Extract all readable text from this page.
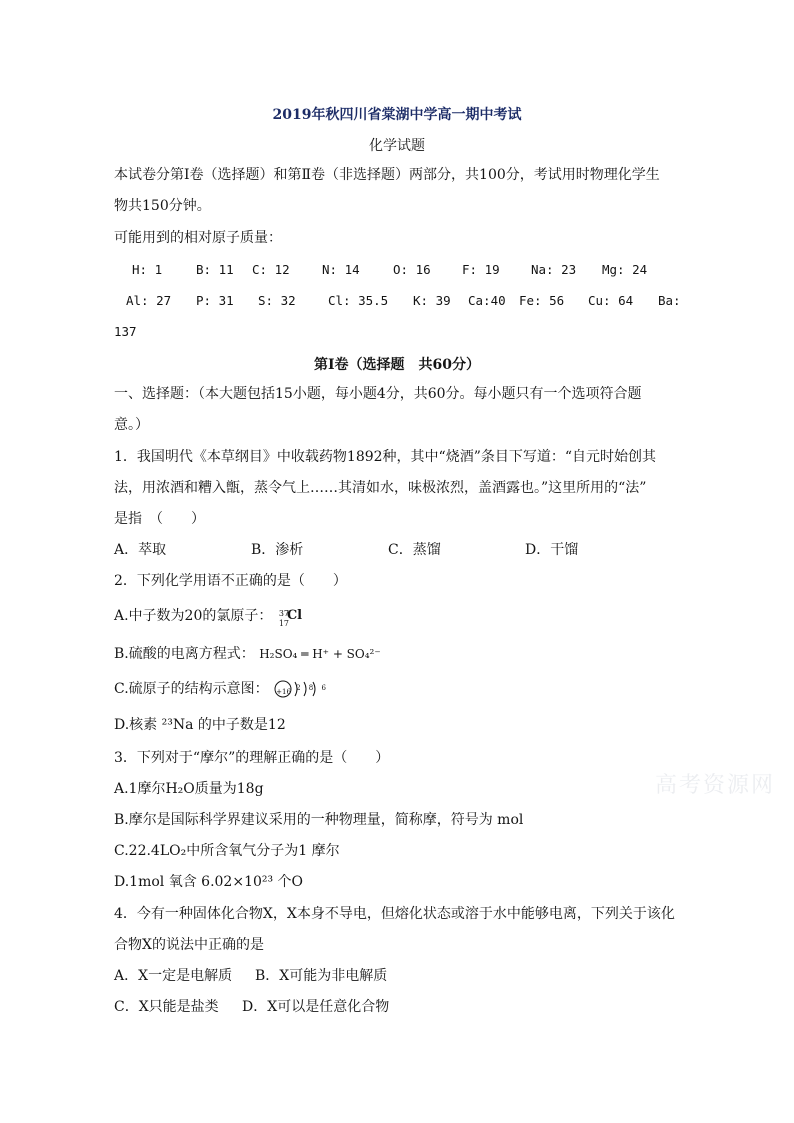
2019年秋四川省棠湖中学高一期中考试
化学试题
本试卷分第Ⅰ卷（选择题）和第Ⅱ卷（非选择题）两部分，共100分，考试用时物理化学生
物共150分钟。
可能用到的相对原子质量：
H: 1	B: 11 C: 12	N: 14	O: 16	F: 19	Na: 23 Mg: 24
Al: 27 P: 31 S: 32	Cl: 35.5 K: 39 Ca:40 Fe: 56 Cu: 64 Ba:
137
第Ⅰ卷（选择题　共60分）
一、选择题：（本大题包括15小题，每小题4分，共60分。每小题只有一个选项符合题
意。）
1．我国明代《本草纲目》中收载药物1892种，其中“烧酒”条目下写道：“自元时始创其
法，用浓酒和糟入甑，蒸令气上……其清如水，味极浓烈，盖酒露也。”这里所用的“法”
是指　（　　）
A．萃取	B．渗析	C．蒸馏	D．干馏
2．下列化学用语不正确的是（　　）
A.中子数为20的氯原子： 37
17
Cl
B.硫酸的电离方程式： H₂SO₄ ═ H⁺ + SO₄²⁻
C.硫原子的结构示意图： +16 2 8 6
D.核素 ²³Na 的中子数是12
3．下列对于“摩尔”的理解正确的是（　　）
A.1摩尔H₂O质量为18g
B.摩尔是国际科学界建议采用的一种物理量，简称摩，符号为 mol
C.22.4LO₂中所含氧气分子为1 摩尔
D.1mol 氧含 6.02×10²³ 个O
4．今有一种固体化合物X，X本身不导电，但熔化状态或溶于水中能够电离，下列关于该化
合物X的说法中正确的是
A．X一定是电解质 B．X可能为非电解质
C．X只能是盐类 D．X可以是任意化合物
高考资源网
